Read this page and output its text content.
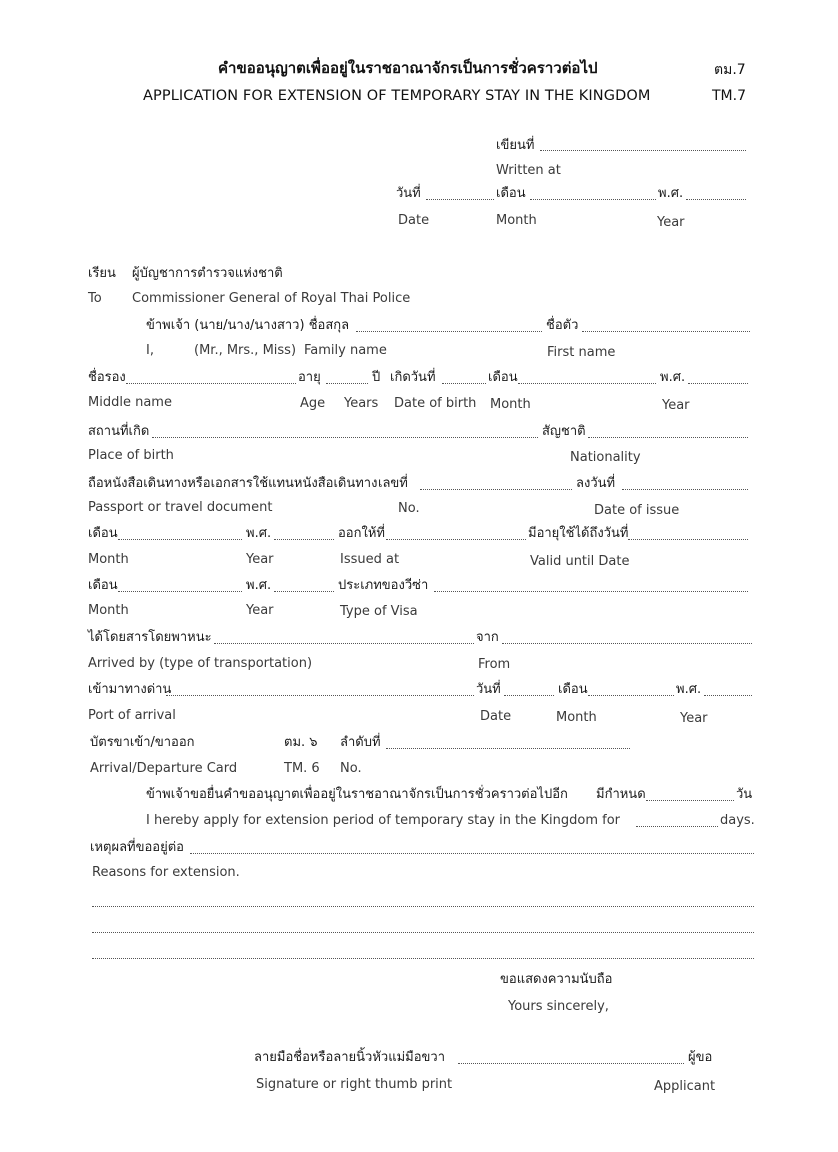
คำขออนุญาตเพื่ออยู่ในราชอาณาจักรเป็นการชั่วคราวต่อไป	ตม.7
APPLICATION FOR EXTENSION OF TEMPORARY STAY IN THE KINGDOM	TM.7
เขียนที่
Written at
วันที่	เดือน	พ.ศ.
Date	Month	Year
เรียน ผู้บัญชาการตำรวจแห่งชาติ
To Commissioner General of Royal Thai Police
ข้าพเจ้า (นาย/นาง/นางสาว) ชื่อสกุล	ชื่อตัว
I,	(Mr., Mrs., Miss) Family name	First name
ชื่อรอง	อายุ	ปี เกิดวันที่	เดือน	พ.ศ.
Middle name	Age Years Date of birth Month	Year
สถานที่เกิด	สัญชาติ
Place of birth	Nationality
ถือหนังสือเดินทางหรือเอกสารใช้แทนหนังสือเดินทาง เลขที่	ลงวันที่
Passport or travel document	No.	Date of issue
เดือน	พ.ศ.	ออกให้ที่	มีอายุใช้ได้ถึงวันที่
Month	Year	Issued at	Valid until Date
เดือน	พ.ศ.	ประเภทของวีซ่า
Month	Year	Type of Visa
ได้โดยสารโดยพาหนะ	จาก
Arrived by (type of transportation)	From
เข้ามาทางด่าน	วันที่	เดือน	พ.ศ.
Port of arrival	Date	Month	Year
บัตรขาเข้า/ขาออก	ตม. ๖ ลำดับที่
Arrival/Departure Card	TM. 6 No.
ข้าพเจ้าขอยื่นคำขออนุญาตเพื่ออยู่ในราชอาณาจักรเป็นการชั่วคราวต่อไปอีก มีกำหนด	วัน
I hereby apply for extension period of temporary stay in the Kingdom for	days.
เหตุผลที่ขออยู่ต่อ
Reasons for extension.
ขอแสดงความนับถือ
Yours sincerely,
ลายมือชื่อหรือลายนิ้วหัวแม่มือขวา	ผู้ขอ
Signature or right thumb print	Applicant
